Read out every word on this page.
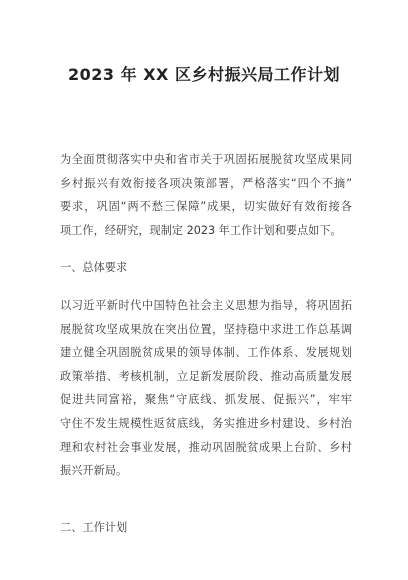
2023 年 XX 区乡村振兴局工作计划
为全面贯彻落实中央和省市关于巩固拓展脱贫攻坚成果同
乡村振兴有效衔接各项决策部署，严格落实“四个不摘”
要求，巩固“两不愁三保障”成果，切实做好有效衔接各
项工作，经研究，现制定 2023 年工作计划和要点如下。
一、总体要求
以习近平新时代中国特色社会主义思想为指导，将巩固拓
展脱贫攻坚成果放在突出位置，坚持稳中求进工作总基调
建立健全巩固脱贫成果的领导体制、工作体系、发展规划
政策举措、考核机制，立足新发展阶段、推动高质量发展
促进共同富裕，聚焦“守底线、抓发展、促振兴”，牢牢
守住不发生规模性返贫底线，务实推进乡村建设、乡村治
理和农村社会事业发展，推动巩固脱贫成果上台阶、乡村
振兴开新局。
二、工作计划
